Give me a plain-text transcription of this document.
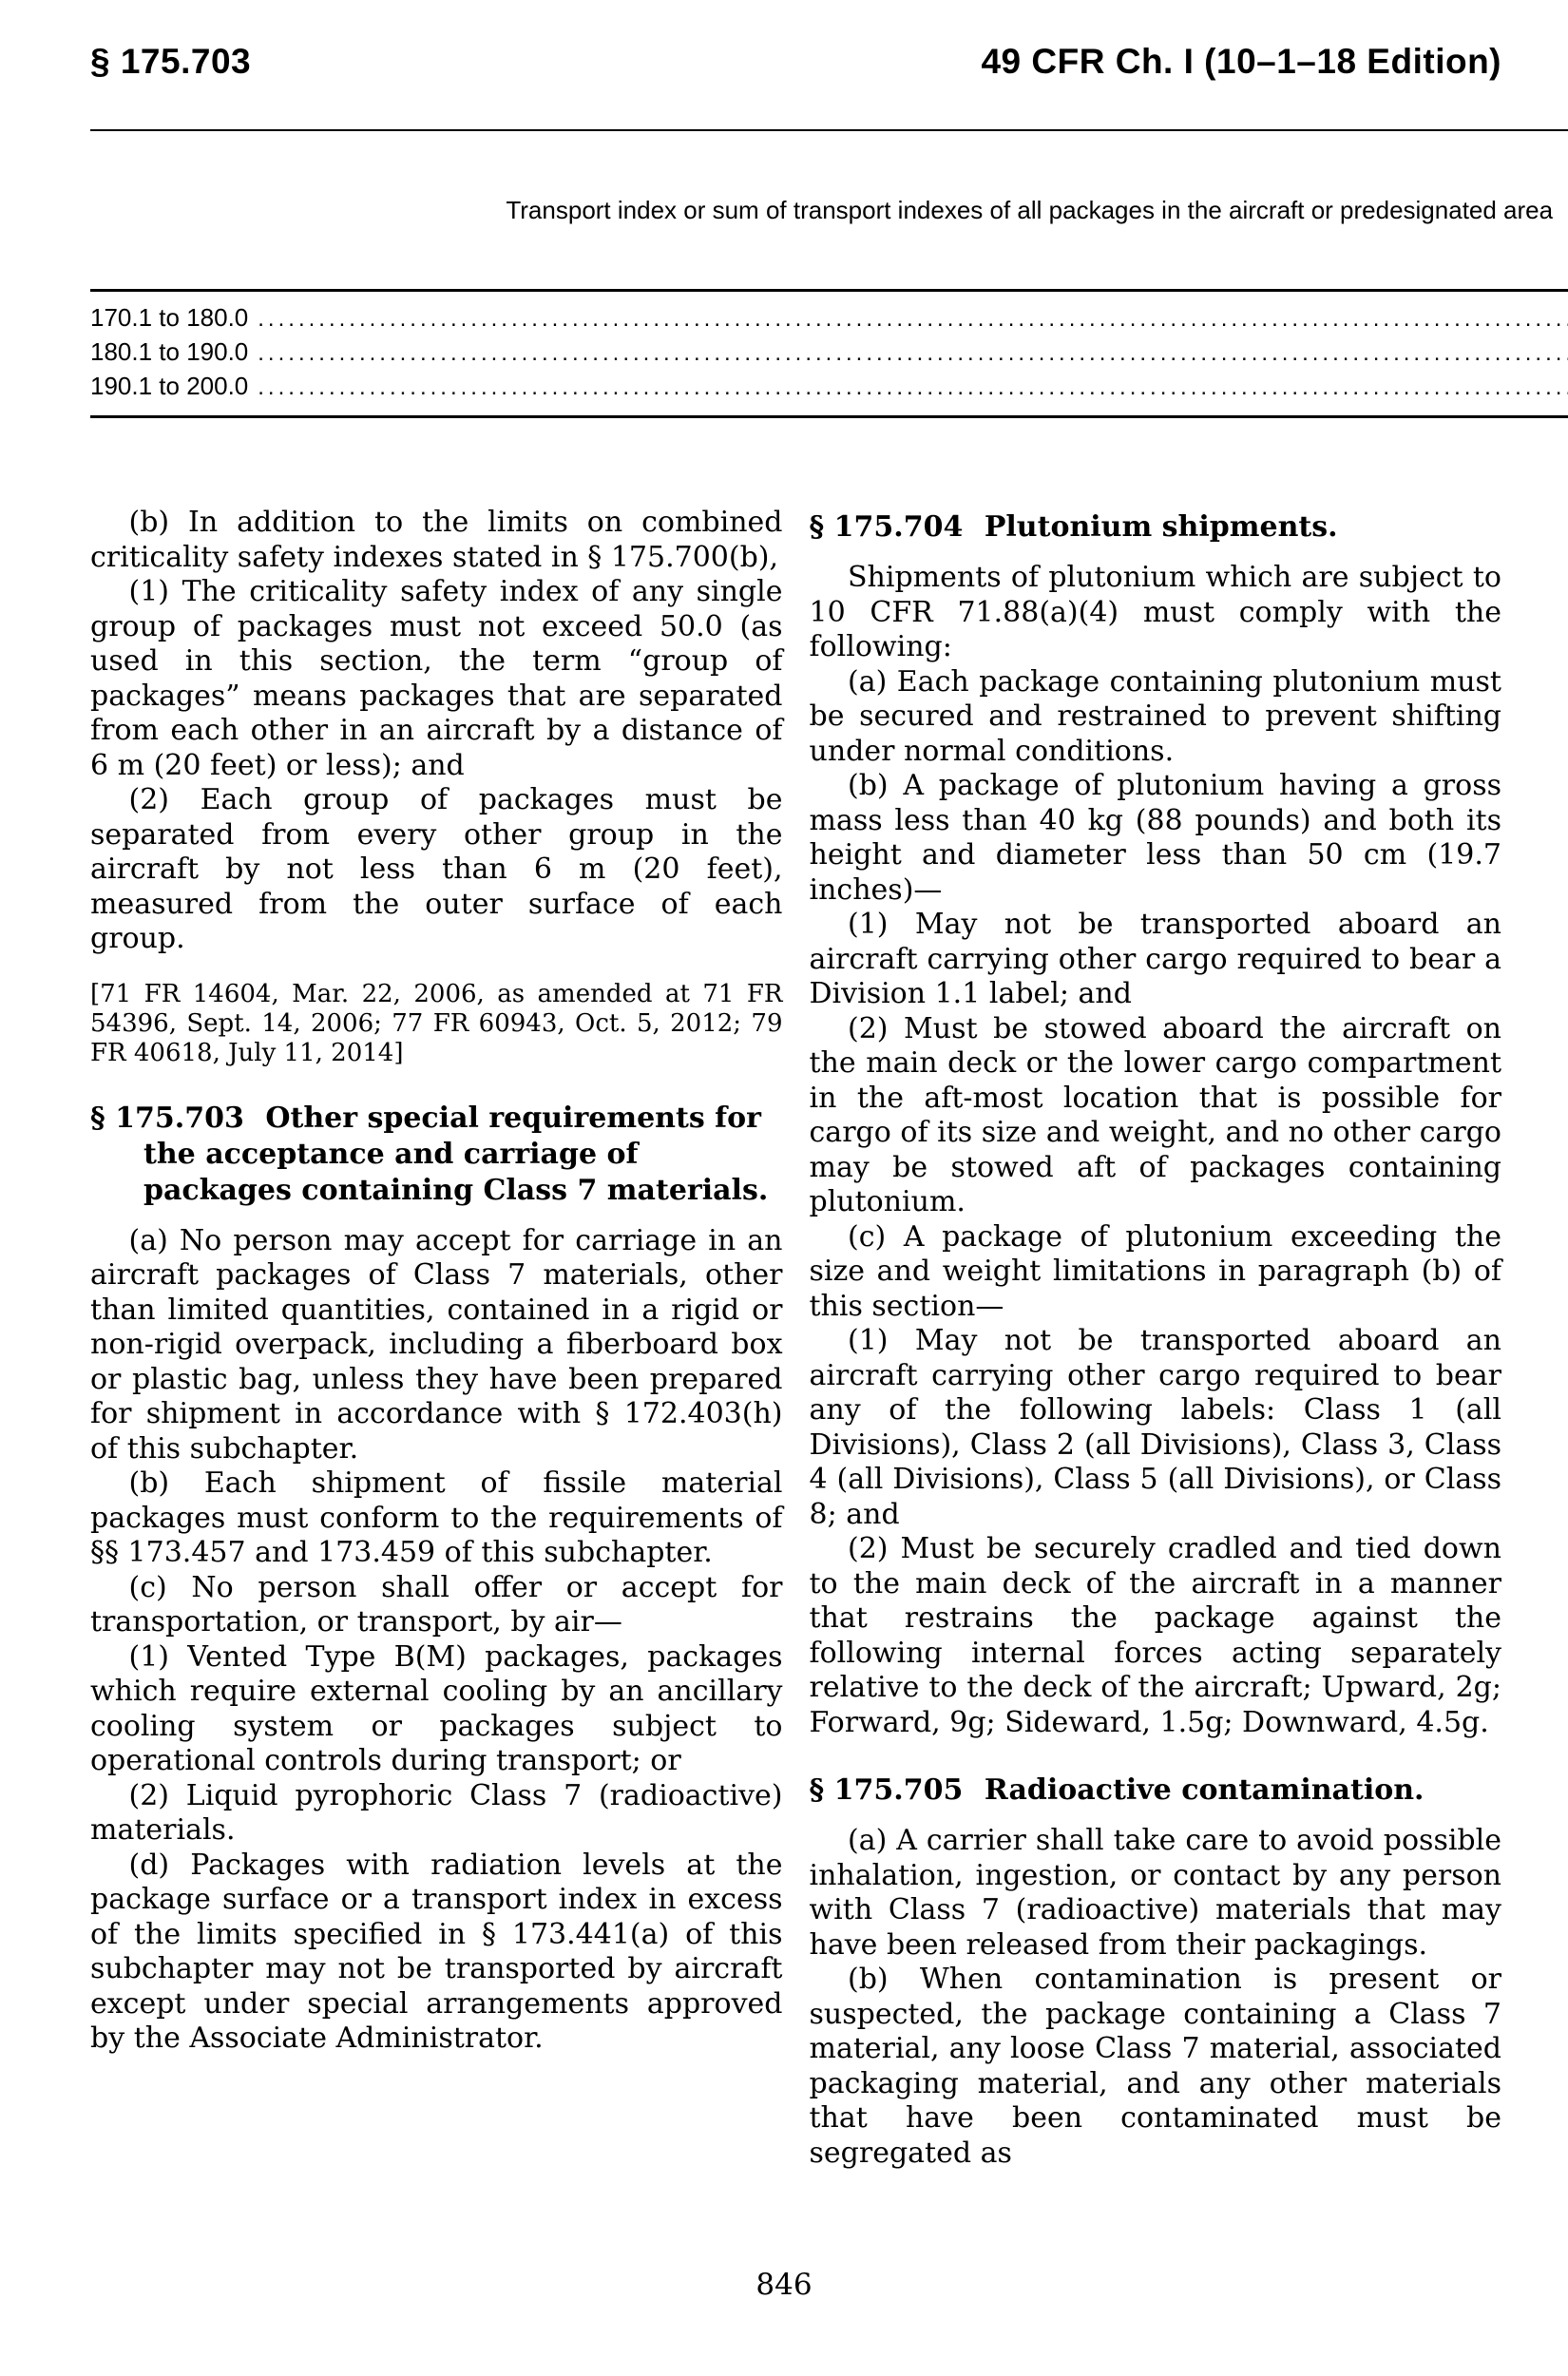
§ 175.703	49 CFR Ch. I (10–1–18 Edition)
Transport index or sum of transport indexes of all packages in the aircraft or predesignated area	

170.1 to 180.0
.....

180.1 to 190.0
.....

190.1 to 200.0
.....

(b) In addition to the limits on combined criticality safety indexes stated in § 175.700(b),

(1) The criticality safety index of any single group of packages must not exceed 50.0 (as used in this section, the term “group of packages” means packages that are separated from each other in an aircraft by a distance of 6 m (20 feet) or less); and

(2) Each group of packages must be separated from every other group in the aircraft by not less than 6 m (20 feet), measured from the outer surface of each group.

[71 FR 14604, Mar. 22, 2006, as amended at 71 FR 54396, Sept. 14, 2006; 77 FR 60943, Oct. 5, 2012; 79 FR 40618, July 11, 2014]

§ 175.703 Other special requirements for the acceptance and carriage of packages containing Class 7 materials.

(a) No person may accept for carriage in an aircraft packages of Class 7 materials, other than limited quantities, contained in a rigid or non-rigid overpack, including a fiberboard box or plastic bag, unless they have been prepared for shipment in accordance with § 172.403(h) of this subchapter.

(b) Each shipment of fissile material packages must conform to the requirements of §§ 173.457 and 173.459 of this subchapter.

(c) No person shall offer or accept for transportation, or transport, by air—

(1) Vented Type B(M) packages, packages which require external cooling by an ancillary cooling system or packages subject to operational controls during transport; or

(2) Liquid pyrophoric Class 7 (radioactive) materials.

(d) Packages with radiation levels at the package surface or a transport index in excess of the limits specified in § 173.441(a) of this subchapter may not be transported by aircraft except under special arrangements approved by the Associate Administrator.

§ 175.704 Plutonium shipments.

Shipments of plutonium which are subject to 10 CFR 71.88(a)(4) must comply with the following:

(a) Each package containing plutonium must be secured and restrained to prevent shifting under normal conditions.

(b) A package of plutonium having a gross mass less than 40 kg (88 pounds) and both its height and diameter less than 50 cm (19.7 inches)—

(1) May not be transported aboard an aircraft carrying other cargo required to bear a Division 1.1 label; and

(2) Must be stowed aboard the aircraft on the main deck or the lower cargo compartment in the aft-most location that is possible for cargo of its size and weight, and no other cargo may be stowed aft of packages containing plutonium.

(c) A package of plutonium exceeding the size and weight limitations in paragraph (b) of this section—

(1) May not be transported aboard an aircraft carrying other cargo required to bear any of the following labels: Class 1 (all Divisions), Class 2 (all Divisions), Class 3, Class 4 (all Divisions), Class 5 (all Divisions), or Class 8; and

(2) Must be securely cradled and tied down to the main deck of the aircraft in a manner that restrains the package against the following internal forces acting separately relative to the deck of the aircraft; Upward, 2g; Forward, 9g; Sideward, 1.5g; Downward, 4.5g.

§ 175.705 Radioactive contamination.

(a) A carrier shall take care to avoid possible inhalation, ingestion, or contact by any person with Class 7 (radioactive) materials that may have been released from their packagings.

(b) When contamination is present or suspected, the package containing a Class 7 material, any loose Class 7 material, associated packaging material, and any other materials that have been contaminated must be segregated as

846
